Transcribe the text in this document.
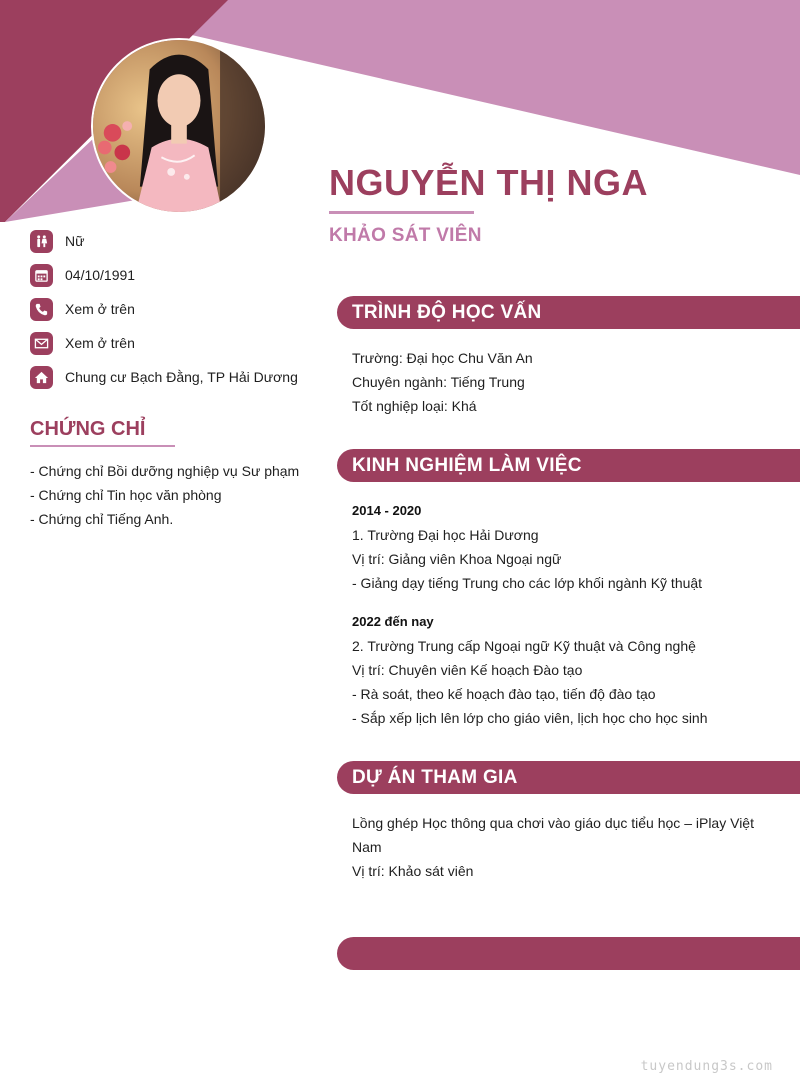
NGUYỄN THỊ NGA
KHẢO SÁT VIÊN
Nữ
04/10/1991
Xem ở trên
Xem ở trên
Chung cư Bạch Đằng, TP Hải Dương
CHỨNG CHỈ
- Chứng chỉ Bồi dưỡng nghiệp vụ Sư phạm
- Chứng chỉ Tin học văn phòng
- Chứng chỉ Tiếng Anh.
TRÌNH ĐỘ HỌC VẤN
Trường: Đại học Chu Văn An
Chuyên ngành: Tiếng Trung
Tốt nghiệp loại: Khá
KINH NGHIỆM LÀM VIỆC
2014 - 2020
1. Trường Đại học Hải Dương
Vị trí: Giảng viên Khoa Ngoại ngữ
- Giảng dạy tiếng Trung cho các lớp khối ngành Kỹ thuật
2022 đến nay
2. Trường Trung cấp Ngoại ngữ Kỹ thuật và Công nghệ
Vị trí: Chuyên viên Kế hoạch Đào tạo
- Rà soát, theo kế hoạch đào tạo, tiến độ đào tạo
- Sắp xếp lịch lên lớp cho giáo viên, lịch học cho học sinh
DỰ ÁN THAM GIA
Lồng ghép Học thông qua chơi vào giáo dục tiểu học – iPlay Việt
Nam
Vị trí: Khảo sát viên
tuyendung3s.com
